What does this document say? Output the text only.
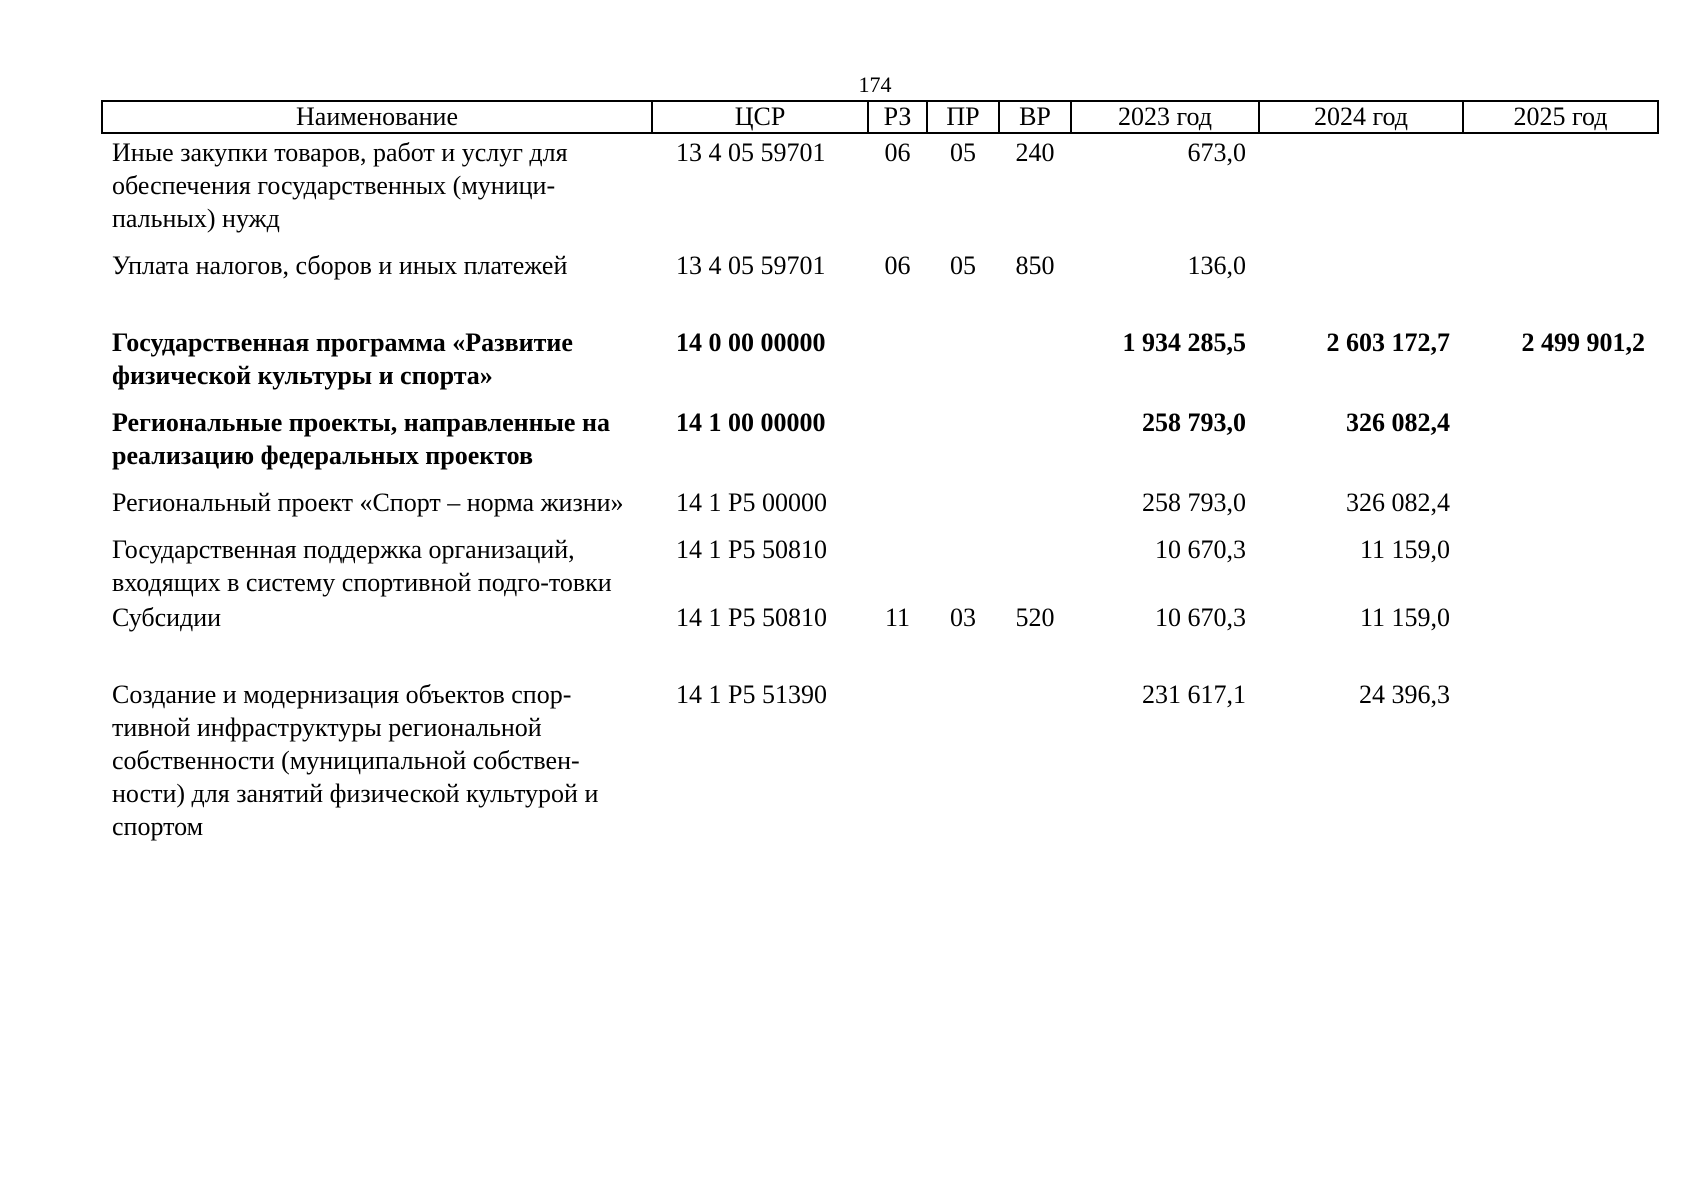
174
Наименование	ЦСР	РЗ	ПР	ВР	2023 год	2024 год	2025 год
Иные закупки товаров, работ и услуг для обеспечения государственных (муници-пальных) нужд	13 4 05 59701	06	05	240	673,0		
Уплата налогов, сборов и иных платежей	13 4 05 59701	06	05	850	136,0		
Государственная программа «Развитие физической культуры и спорта»	14 0 00 00000				1 934 285,5	2 603 172,7	2 499 901,2
Региональные проекты, направленные на реализацию федеральных проектов	14 1 00 00000				258 793,0	326 082,4	
Региональный проект «Спорт – норма жизни»	14 1 P5 00000				258 793,0	326 082,4	
Государственная поддержка организаций, входящих в систему спортивной подго-товки	14 1 P5 50810				10 670,3	11 159,0	
Субсидии	14 1 P5 50810	11	03	520	10 670,3	11 159,0	
Создание и модернизация объектов спор-тивной инфраструктуры региональной собственности (муниципальной собствен-ности) для занятий физической культурой и спортом	14 1 P5 51390				231 617,1	24 396,3	
